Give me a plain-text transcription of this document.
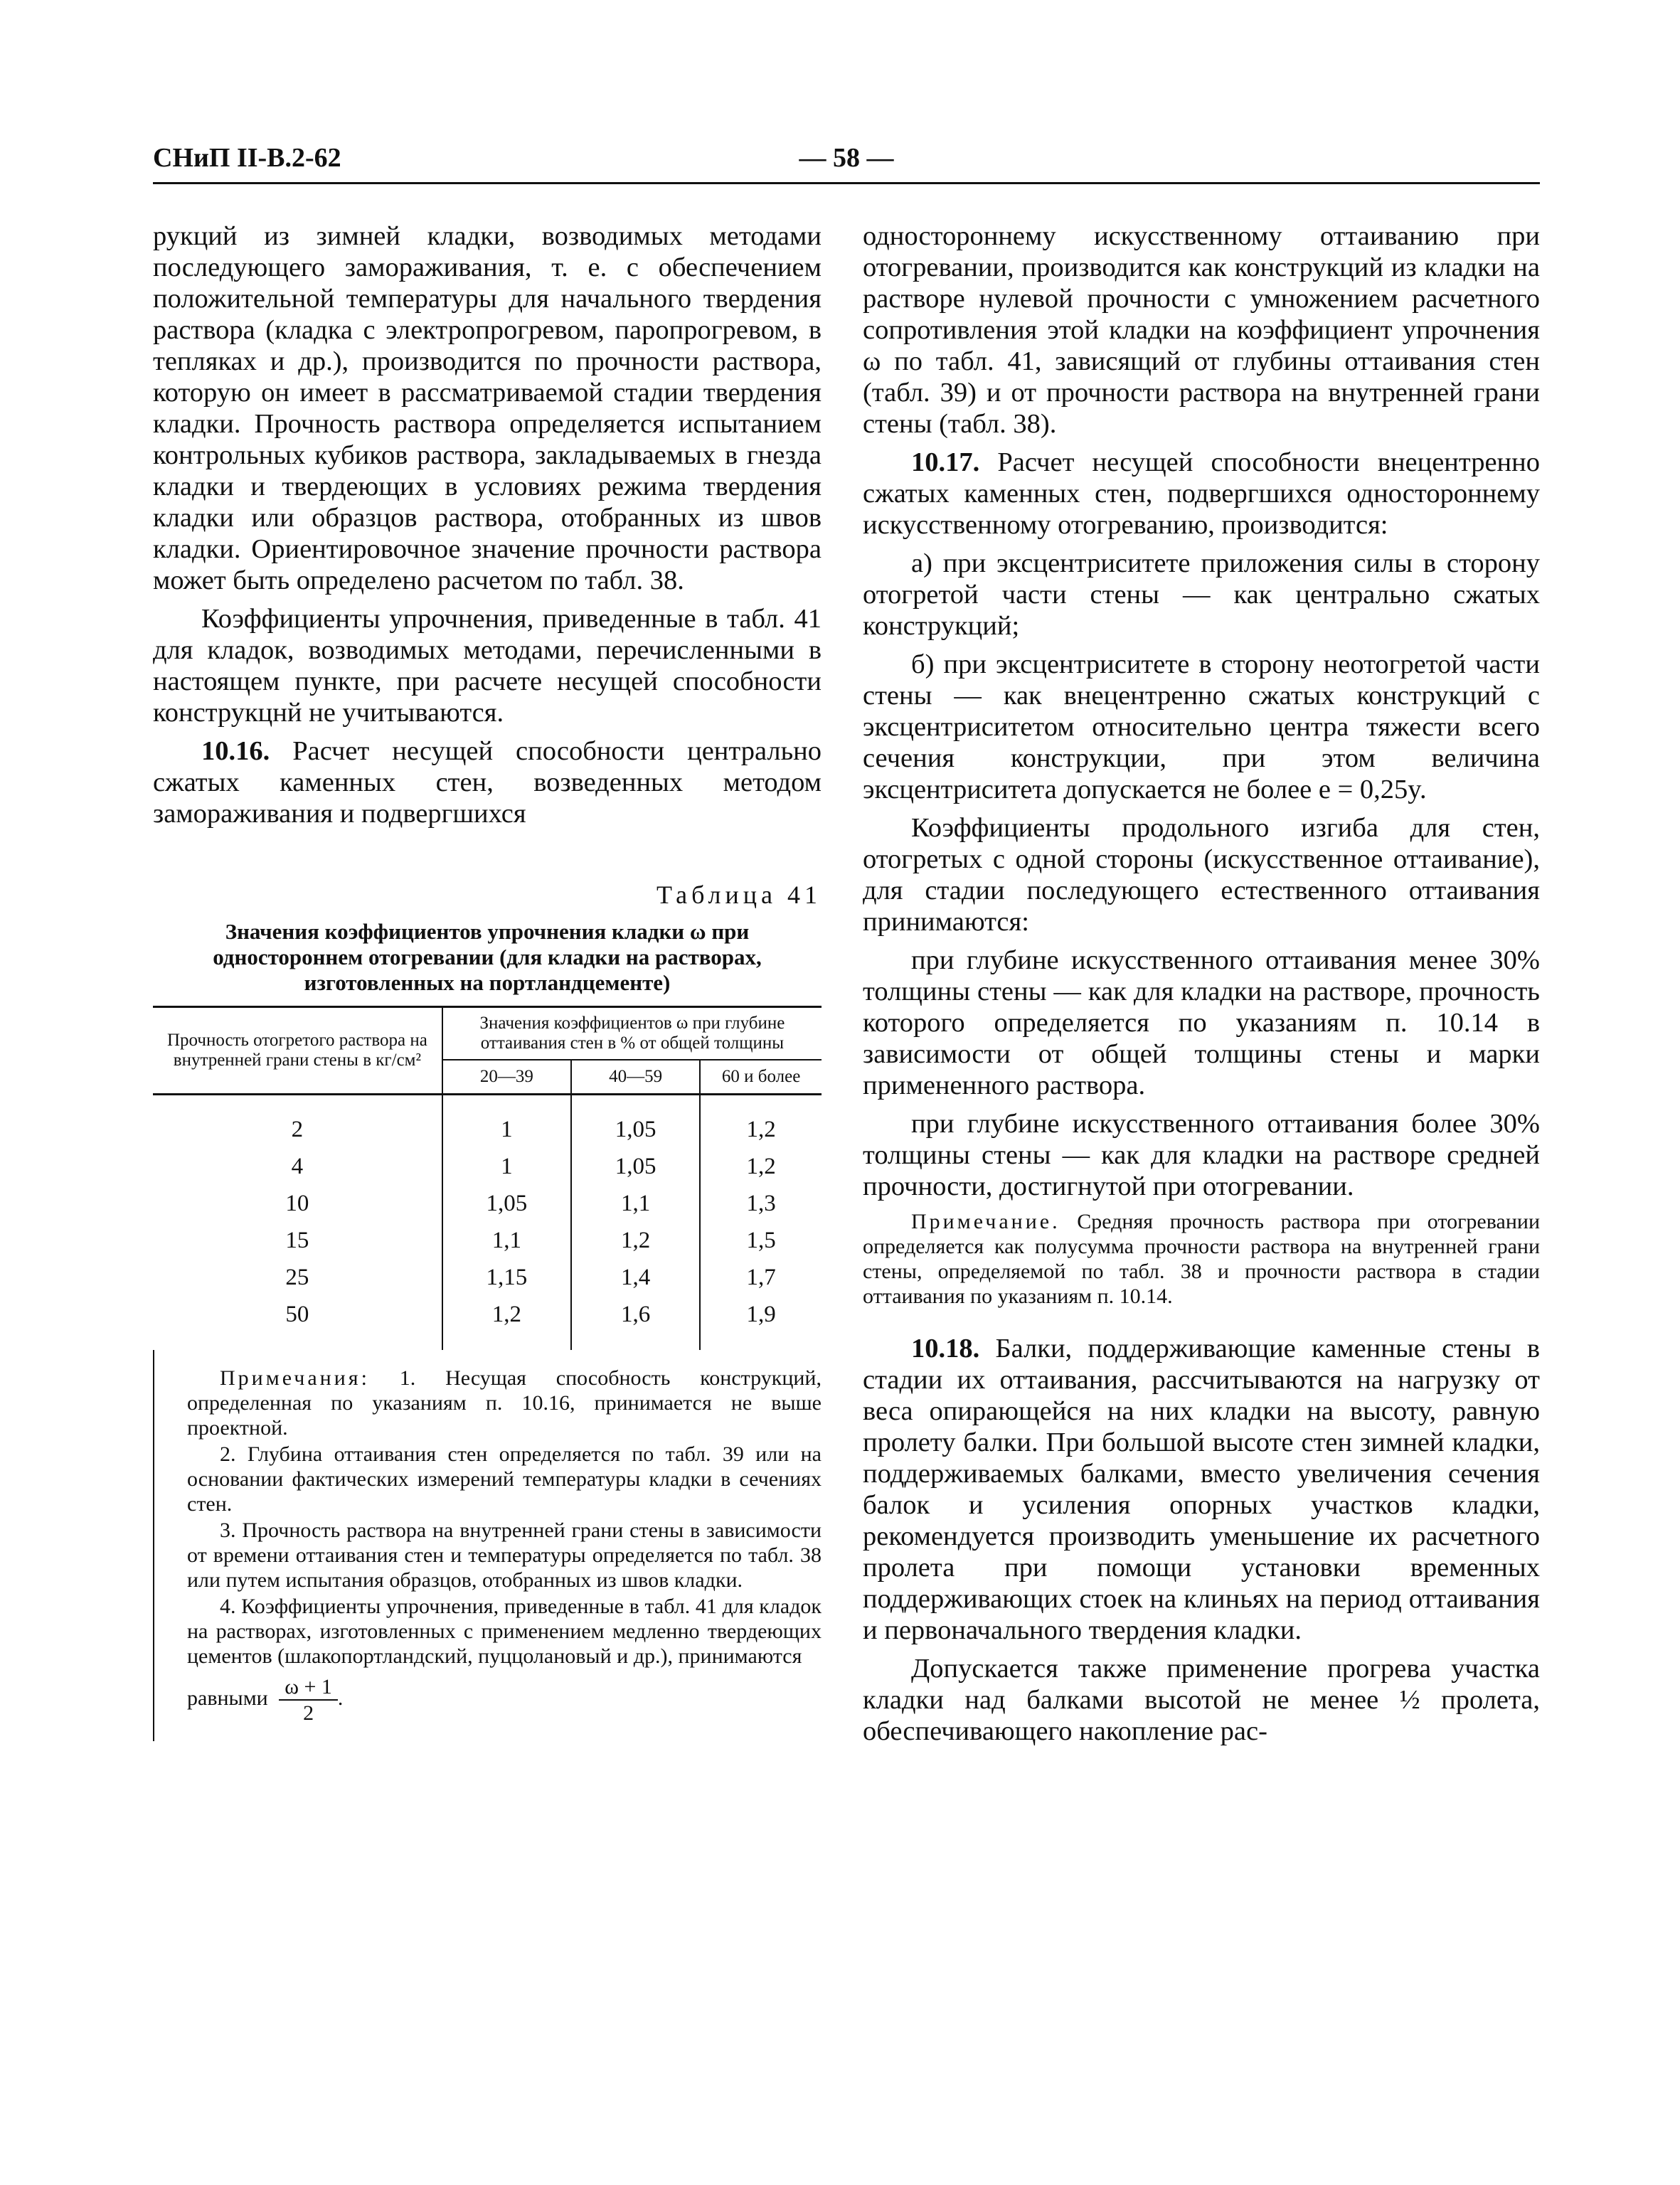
— 58 —
СНиП II-В.2-62

рукций из зимней кладки, возводимых методами последующего замораживания, т. е. с обеспечением положительной температуры для начального твердения раствора (кладка с электропрогревом, паропрогревом, в тепляках и др.), производится по прочности раствора, которую он имеет в рассматриваемой стадии твердения кладки. Прочность раствора определяется испытанием контрольных кубиков раствора, закладываемых в гнезда кладки и твердеющих в условиях режима твердения кладки или образцов раствора, отобранных из швов кладки. Ориентировочное значение прочности раствора может быть определено расчетом по табл. 38.

Коэффициенты упрочнения, приведенные в табл. 41 для кладок, возводимых методами, перечисленными в настоящем пункте, при расчете несущей способности конструкцнй не учитываются.

10.16. Расчет несущей способности центрально сжатых каменных стен, возведенных методом замораживания и подвергшихся

Таблица 41
Значения коэффициентов упрочнения кладки ω при одностороннем отогревании (для кладки на растворах, изготовленных на портландцементе)
Прочность отогретого раствора на внутренней грани стены в кг/см²	Значения коэффициентов ω при глубине оттаивания стен в % от общей толщины		
	20—39	40—59	60 и более
2	1	1,05	1,2
4	1	1,05	1,2
10	1,05	1,1	1,3
15	1,1	1,2	1,5
25	1,15	1,4	1,7
50	1,2	1,6	1,9

Примечания: 1. Несущая способность конструкций, определенная по указаниям п. 10.16, принимается не выше проектной.

2. Глубина оттаивания стен определяется по табл. 39 или на основании фактических измерений температуры кладки в сечениях стен.

3. Прочность раствора на внутренней грани стены в зависимости от времени оттаивания стен и температуры определяется по табл. 38 или путем испытания образцов, отобранных из швов кладки.

4. Коэффициенты упрочнения, приведенные в табл. 41 для кладок на растворах, изготовленных с применением медленно твердеющих цементов (шлакопортландский, пуццолановый и др.), принимаются

равными $\frac{\omega + 1}{2}$ .

одностороннему искусственному оттаиванию при отогревании, производится как конструкций из кладки на растворе нулевой прочности с умножением расчетного сопротивления этой кладки на коэффициент упрочнения ω по табл. 41, зависящий от глубины оттаивания стен (табл. 39) и от прочности раствора на внутренней грани стены (табл. 38).

10.17. Расчет несущей способности внецентренно сжатых каменных стен, подвергшихся одностороннему искусственному отогреванию, производится:

а) при эксцентриситете приложения силы в сторону отогретой части стены — как центрально сжатых конструкций;

б) при эксцентриситете в сторону неотогретой части стены — как внецентренно сжатых конструкций с эксцентриситетом относительно центра тяжести всего сечения конструкции, при этом величина эксцентриситета допускается не более e = 0,25y.

Коэффициенты продольного изгиба для стен, отогретых с одной стороны (искусственное оттаивание), для стадии последующего естественного оттаивания принимаются:

при глубине искусственного оттаивания менее 30% толщины стены — как для кладки на растворе, прочность которого определяется по указаниям п. 10.14 в зависимости от общей толщины стены и марки примененного раствора.

при глубине искусственного оттаивания более 30% толщины стены — как для кладки на растворе средней прочности, достигнутой при отогревании.

Примечание. Средняя прочность раствора при отогревании определяется как полусумма прочности раствора на внутренней грани стены, определяемой по табл. 38 и прочности раствора в стадии оттаивания по указаниям п. 10.14.

10.18. Балки, поддерживающие каменные стены в стадии их оттаивания, рассчитываются на нагрузку от веса опирающейся на них кладки на высоту, равную пролету балки. При большой высоте стен зимней кладки, поддерживаемых балками, вместо увеличения сечения балок и усиления опорных участков кладки, рекомендуется производить уменьшение их расчетного пролета при помощи установки временных поддерживающих стоек на клиньях на период оттаивания и первоначального твердения кладки.

Допускается также применение прогрева участка кладки над балками высотой не менее ½ пролета, обеспечивающего накопление рас-
